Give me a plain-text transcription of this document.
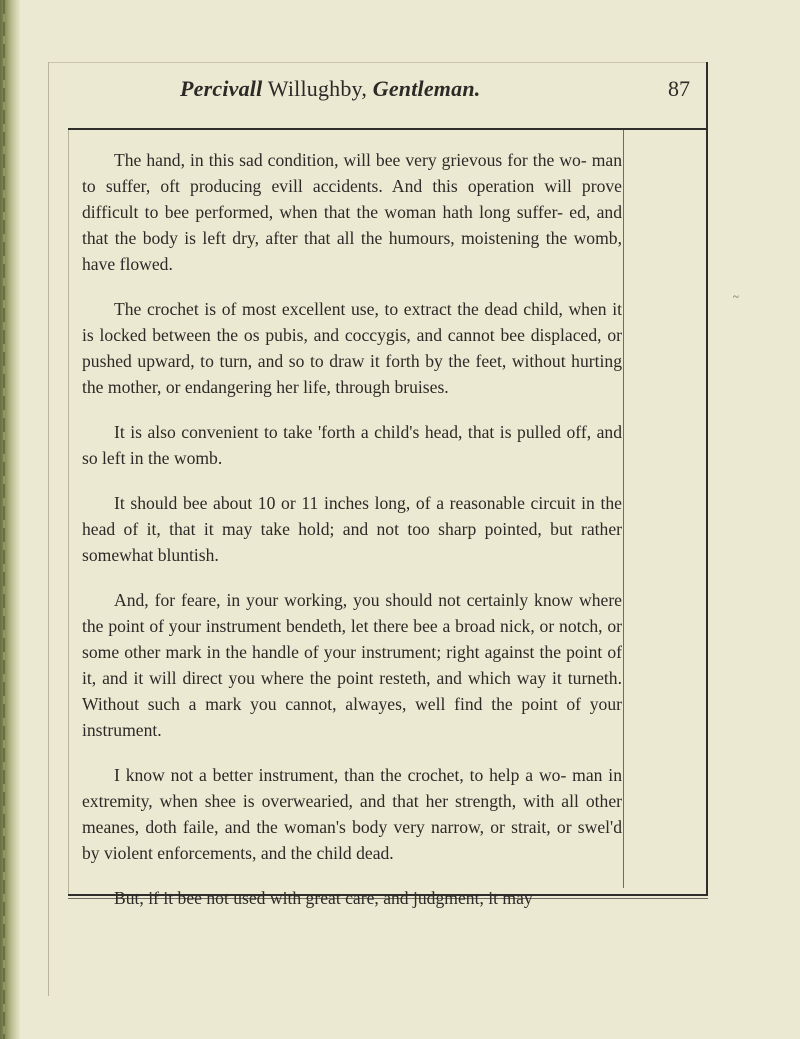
Percivall Willughby, Gentleman.	87

The hand, in this sad condition, will bee very grievous for the wo- man to suffer, oft producing evill accidents. And this operation will prove difficult to bee performed, when that the woman hath long suffer- ed, and that the body is left dry, after that all the humours, moistening the womb, have flowed.

The crochet is of most excellent use, to extract the dead child, when it is locked between the os pubis, and coccygis, and cannot bee displaced, or pushed upward, to turn, and so to draw it forth by the feet, without hurting the mother, or endangering her life, through bruises.

It is also convenient to take 'forth a child's head, that is pulled off, and so left in the womb.

It should bee about 10 or 11 inches long, of a reasonable circuit in the head of it, that it may take hold; and not too sharp pointed, but rather somewhat bluntish.

And, for feare, in your working, you should not certainly know where the point of your instrument bendeth, let there bee a broad nick, or notch, or some other mark in the handle of your instrument; right against the point of it, and it will direct you where the point resteth, and which way it turneth. Without such a mark you cannot, alwayes, well find the point of your instrument.

I know not a better instrument, than the crochet, to help a wo- man in extremity, when shee is overwearied, and that her strength, with all other meanes, doth faile, and the woman's body very narrow, or strait, or swel'd by violent enforcements, and the child dead.

But, if it bee not used with great care, and judgment, it may

~
